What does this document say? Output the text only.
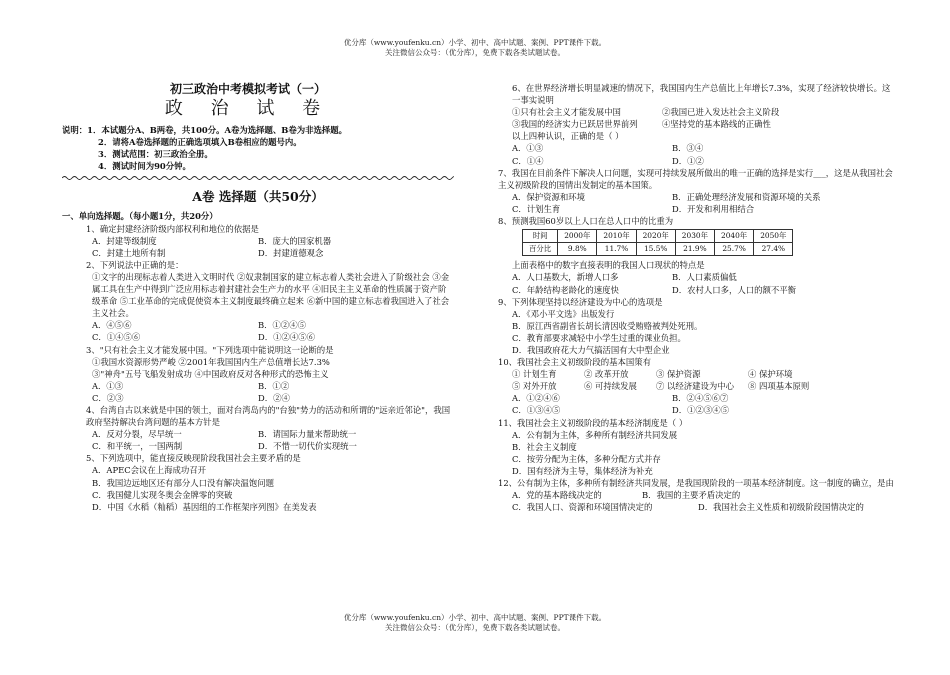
优分库（www.youfenku.cn）小学、初中、高中试题、案例、PPT课件下载。
关注微信公众号：（优分库），免费下载各类试题试卷。
初三政治中考模拟考试（一）
政 治 试 卷
说明：1．本试题分A、B两卷，共100分。A卷为选择题、B卷为非选择题。
2．请将A卷选择题的正确选项填入B卷相应的题号内。
3．测试范围：初三政治全册。
4．测试时间为90分钟。
A卷 选择题（共50分）
一、单向选择题。（每小题1分，共20分）
1、确定封建经济阶级内部权利和地位的依据是
A．封建等级制度	B．庞大的国家机器
C．封建土地所有制	D．封建道德观念
2、下列说法中正确的是：
①文字的出现标志着人类进入文明时代 ②奴隶制国家的建立标志着人类社会进入了阶级社会 ③金属工具在生产中得到广泛应用标志着封建社会生产力的水平 ④旧民主主义革命的性质属于资产阶级革命 ⑤工业革命的完成促使资本主义制度最终确立起来 ⑥新中国的建立标志着我国进入了社会主义社会。
A．④⑤⑥	B．①②④⑤
C．①④⑤⑥	D．①②④⑤⑥
3、"只有社会主义才能发展中国。"下列选项中能说明这一论断的是
①我国水资源形势严峻 ②2001年我国国内生产总值增长达7.3%
③"神舟"五号飞船发射成功 ④中国政府反对各种形式的恐怖主义
A．①③	B．①②
C．②③	D．②④
4、台湾自古以来就是中国的领土，面对台湾岛内的"台独"势力的活动和所谓的"远亲近邻论"，我国政府坚持解决台湾问题的基本方针是
A．反对分裂，尽早统一	B．请国际力量来帮助统一
C．和平统一，一国两制	D．不惜一切代价实现统一
5、下列选项中，能直接反映现阶段我国社会主要矛盾的是
A．APEC会议在上海成功召开
B．我国边远地区还有部分人口没有解决温饱问题
C．我国健儿实现冬奥会金牌零的突破
D．中国《水稻（籼稻）基因组的工作框架序列图》在美发表
6、在世界经济增长明显减速的情况下，我国国内生产总值比上年增长7.3%，实现了经济较快增长。这一事实说明
①只有社会主义才能发展中国	②我国已进入发达社会主义阶段
③我国的经济实力已跃居世界前列	④坚持党的基本路线的正确性
以上四种认识，正确的是（ ）
A．①③	B．③④
C．①④	D．①②
7、我国在目前条件下解决人口问题，实现可持续发展所做出的唯一正确的选择是实行___，这是从我国社会主义初级阶段的国情出发制定的基本国策。
A．保护资源和环境	B．正确处理经济发展和资源环境的关系
C．计划生育	D．开发和利用相结合
8、预测我国60岁以上人口在总人口中的比重为
时间	2000年	2010年	2020年	2030年	2040年	2050年
百分比	9.8%	11.7%	15.5%	21.9%	25.7%	27.4%
上面表格中的数字直接表明的我国人口现状的特点是
A．人口基数大，新增人口多	B．人口素质偏低
C．年龄结构老龄化的速度快	D．农村人口多，人口的额不平衡
9、下列体现坚持以经济建设为中心的选项是
A．《邓小平文选》出版发行
B．原江西省副省长胡长清因收受贿赂被判处死刑。
C．教育部要求减轻中小学生过重的课业负担。
D．我国政府花大力气搞活国有大中型企业
10、我国社会主义初级阶段的基本国策有
① 计划生育	② 改革开放	③ 保护资源	④ 保护环境
⑤ 对外开放	⑥ 可持续发展	⑦ 以经济建设为中心	⑧ 四项基本原则
A．①②④⑥	B．②④⑤⑥⑦
C．①③④⑤	D．①②③④⑤
11、我国社会主义初级阶段的基本经济制度是（ ）
A．公有制为主体，多种所有制经济共同发展
B．社会主义制度
C．按劳分配为主体，多种分配方式并存
D．国有经济为主导，集体经济为补充
12、公有制为主体，多种所有制经济共同发展，是我国现阶段的一项基本经济制度。这一制度的确立，是由
A．党的基本路线决定的	B．我国的主要矛盾决定的
C．我国人口、资源和环境国情决定的	D．我国社会主义性质和初级阶段国情决定的
优分库（www.youfenku.cn）小学、初中、高中试题、案例、PPT课件下载。
关注微信公众号：（优分库），免费下载各类试题试卷。
